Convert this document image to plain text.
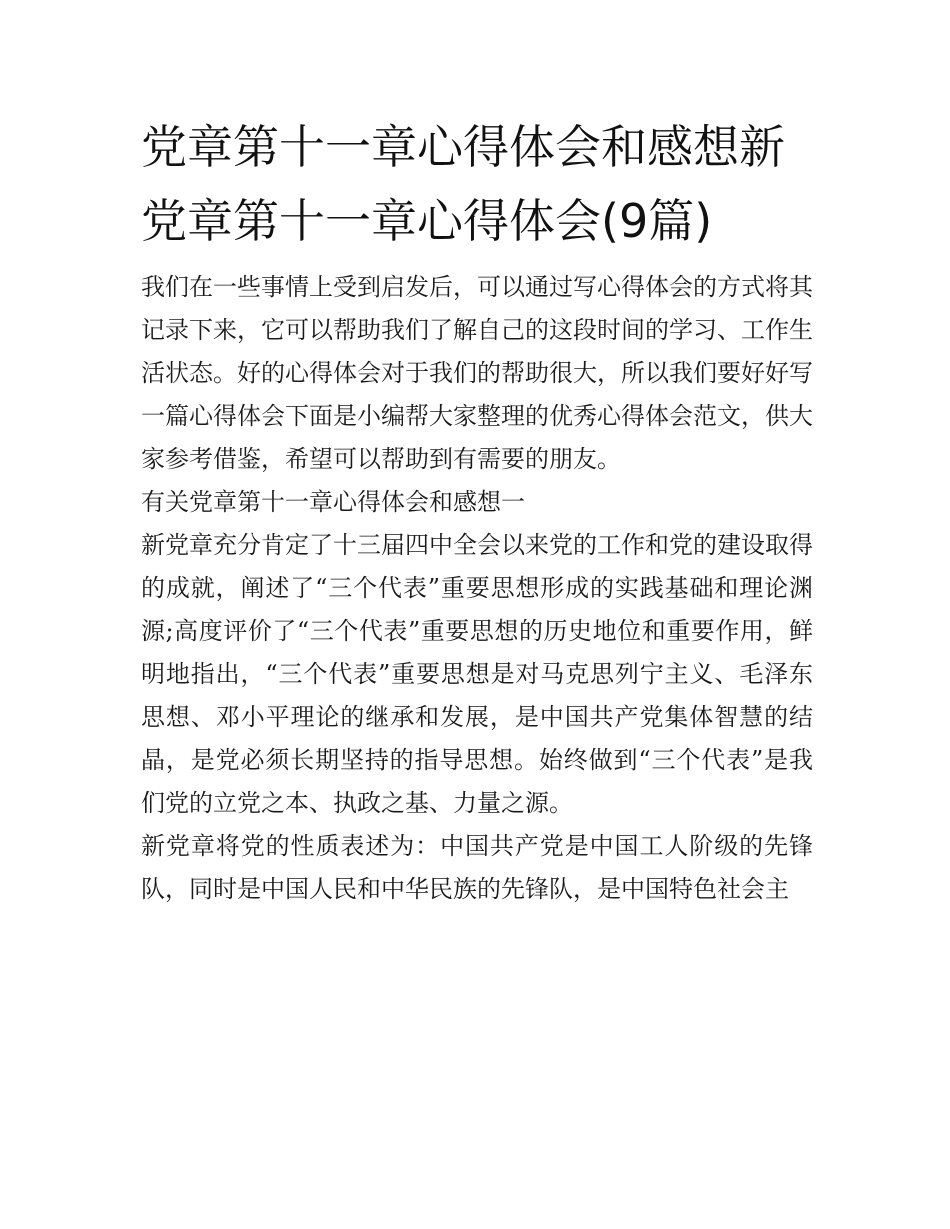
党章第十一章心得体会和感想新党章第十一章心得体会(9篇)

我们在一些事情上受到启发后，可以通过写心得体会的方式将其记录下来，它可以帮助我们了解自己的这段时间的学习、工作生活状态。好的心得体会对于我们的帮助很大，所以我们要好好写一篇心得体会下面是小编帮大家整理的优秀心得体会范文，供大家参考借鉴，希望可以帮助到有需要的朋友。

有关党章第十一章心得体会和感想一

新党章充分肯定了十三届四中全会以来党的工作和党的建设取得的成就，阐述了“三个代表”重要思想形成的实践基础和理论渊源;高度评价了“三个代表”重要思想的历史地位和重要作用，鲜明地指出，“三个代表”重要思想是对马克思列宁主义、毛泽东思想、邓小平理论的继承和发展，是中国共产党集体智慧的结晶，是党必须长期坚持的指导思想。始终做到“三个代表”是我们党的立党之本、执政之基、力量之源。

新党章将党的性质表述为：中国共产党是中国工人阶级的先锋队，同时是中国人民和中华民族的先锋队，是中国特色社会主
